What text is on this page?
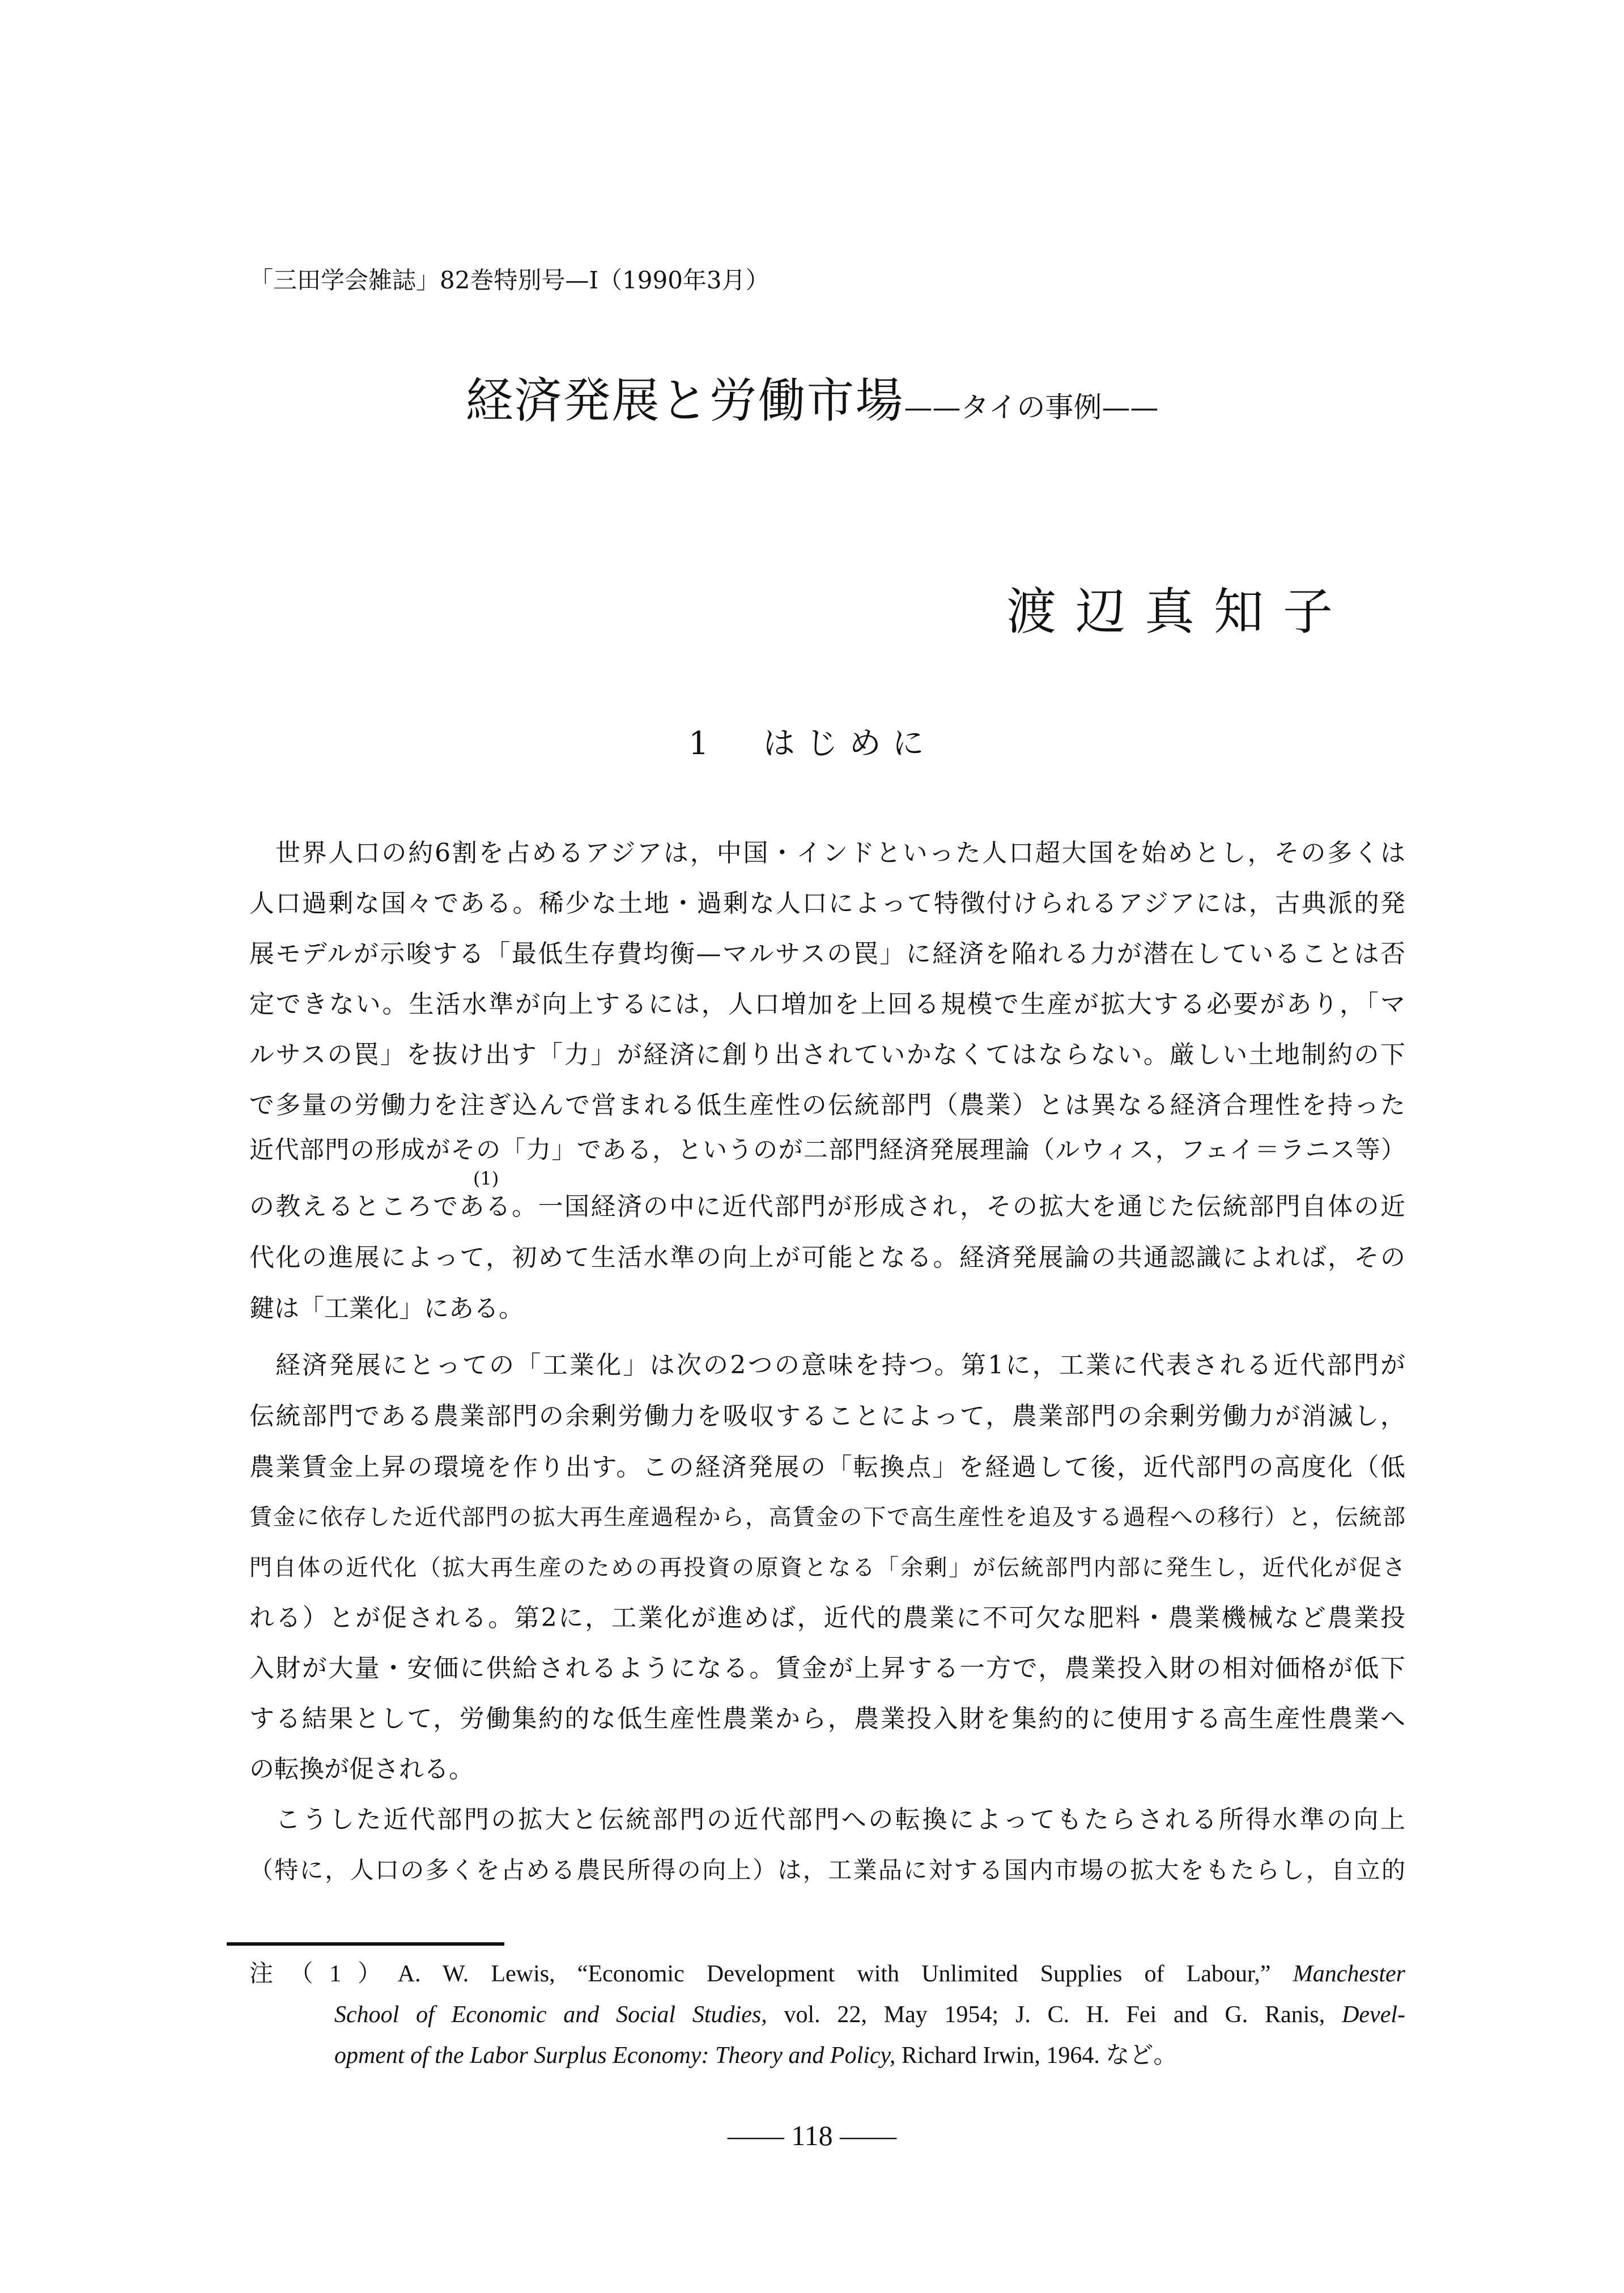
「三田学会雑誌」82巻特別号—I（1990年3月）
経済発展と労働市場——タイの事例——
渡辺真知子
1　はじめに
世界人口の約6割を占めるアジアは，中国・インドといった人口超大国を始めとし，その多くは
人口過剰な国々である。稀少な土地・過剰な人口によって特徴付けられるアジアには，古典派的発
展モデルが示唆する「最低生存費均衡—マルサスの罠」に経済を陥れる力が潜在していることは否
定できない。生活水準が向上するには，人口増加を上回る規模で生産が拡大する必要があり，「マ
ルサスの罠」を抜け出す「力」が経済に創り出されていかなくてはならない。厳しい土地制約の下
で多量の労働力を注ぎ込んで営まれる低生産性の伝統部門（農業）とは異なる経済合理性を持った
近代部門の形成がその「力」である，というのが二部門経済発展理論（ルウィス，フェイ＝ラニス等）
の教えるところである。一国経済の中に近代部門が形成され，その拡大を通じた伝統部門自体の近
代化の進展によって，初めて生活水準の向上が可能となる。経済発展論の共通認識によれば，その
鍵は「工業化」にある。
経済発展にとっての「工業化」は次の2つの意味を持つ。第1に，工業に代表される近代部門が
伝統部門である農業部門の余剰労働力を吸収することによって，農業部門の余剰労働力が消滅し，
農業賃金上昇の環境を作り出す。この経済発展の「転換点」を経過して後，近代部門の高度化（低
賃金に依存した近代部門の拡大再生産過程から，高賃金の下で高生産性を追及する過程への移行）と，伝統部
門自体の近代化（拡大再生産のための再投資の原資となる「余剰」が伝統部門内部に発生し，近代化が促さ
れる）とが促される。第2に，工業化が進めば，近代的農業に不可欠な肥料・農業機械など農業投
入財が大量・安価に供給されるようになる。賃金が上昇する一方で，農業投入財の相対価格が低下
する結果として，労働集約的な低生産性農業から，農業投入財を集約的に使用する高生産性農業へ
の転換が促される。
こうした近代部門の拡大と伝統部門の近代部門への転換によってもたらされる所得水準の向上
（特に，人口の多くを占める農民所得の向上）は，工業品に対する国内市場の拡大をもたらし，自立的
(1)
注（1）A. W. Lewis, “Economic Development with Unlimited Supplies of Labour,” Manchester
School of Economic and Social Studies, vol. 22, May 1954; J. C. H. Fei and G. Ranis, Devel-
opment of the Labor Surplus Economy: Theory and Policy, Richard Irwin, 1964. など。
—— 118 ——
